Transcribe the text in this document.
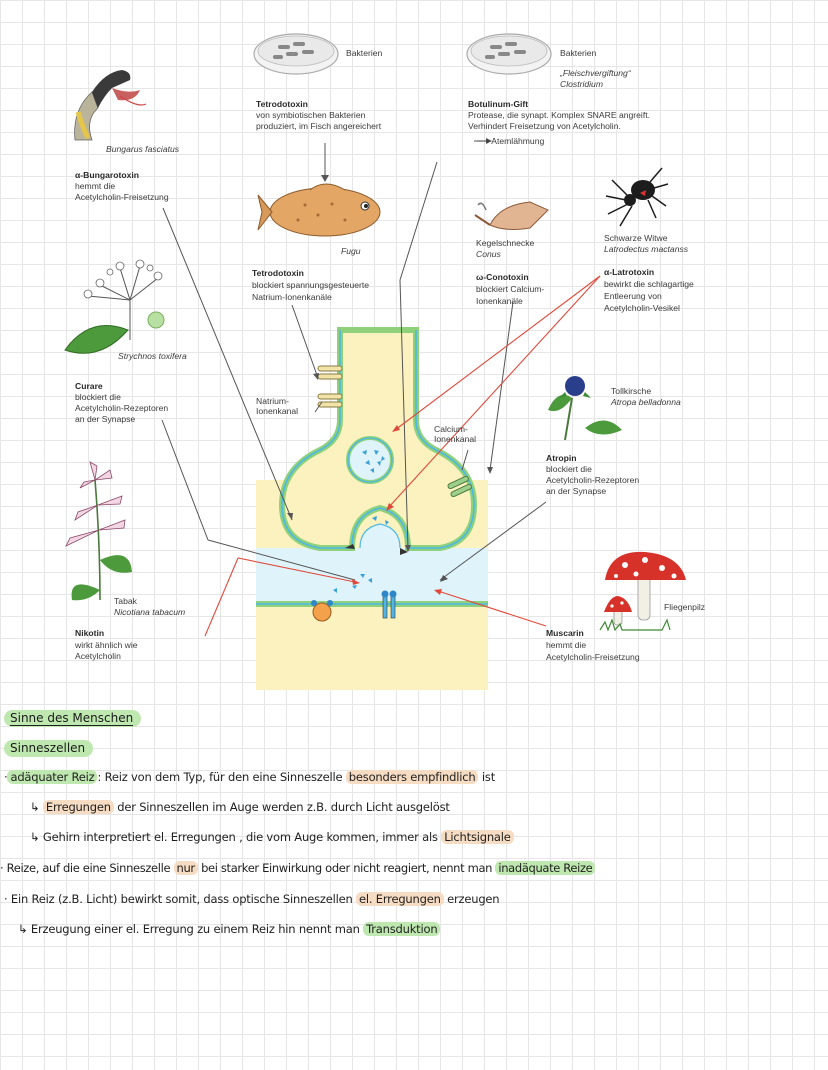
Bakterien	Bakterien
„Fleischvergiftung“
Clostridium
Bungarus fasciatus
α-Bungarotoxin
hemmt die
Acetylcholin-Freisetzung
Tetrodotoxin
von symbiotischen Bakterien
produziert, im Fisch angereichert
Botulinum-Gift
Protease, die synapt. Komplex SNARE angreift.
Verhindert Freisetzung von Acetylcholin.
⟶ Atemlähmung
Fugu
Tetrodotoxin
blockiert spannungsgesteuerte
Natrium-Ionenkanäle
Kegelschnecke
Conus
ω-Conotoxin
blockiert Calcium-
Ionenkanäle
Schwarze Witwe
Latrodectus mactanss
α-Latrotoxin
bewirkt die schlagartige
Entleerung von
Acetylcholin-Vesikel
Strychnos toxifera
Curare
blockiert die
Acetylcholin-Rezeptoren
an der Synapse
Natrium-
Ionenkanal
Calcium-
Ionenkanal
Tollkirsche
Atropa belladonna
Atropin
blockiert die
Acetylcholin-Rezeptoren
an der Synapse
Tabak
Nicotiana tabacum
Nikotin
wirkt ähnlich wie
Acetylcholin
Fliegenpilz
Muscarin
hemmt die
Acetylcholin-Freisetzung
Sinne des Menschen
Sinneszellen
· adäquater Reiz : Reiz von dem Typ, für den eine Sinneszelle besonders empfindlich ist
↳ Erregungen der Sinneszellen im Auge werden z.B. durch Licht ausgelöst
↳ Gehirn interpretiert el. Erregungen , die vom Auge kommen, immer als Lichtsignale
· Reize, auf die eine Sinneszelle nur bei starker Einwirkung oder nicht reagiert, nennt man inadäquate Reize
· Ein Reiz (z.B. Licht) bewirkt somit, dass optische Sinneszellen el. Erregungen erzeugen
↳ Erzeugung einer el. Erregung zu einem Reiz hin nennt man Transduktion
